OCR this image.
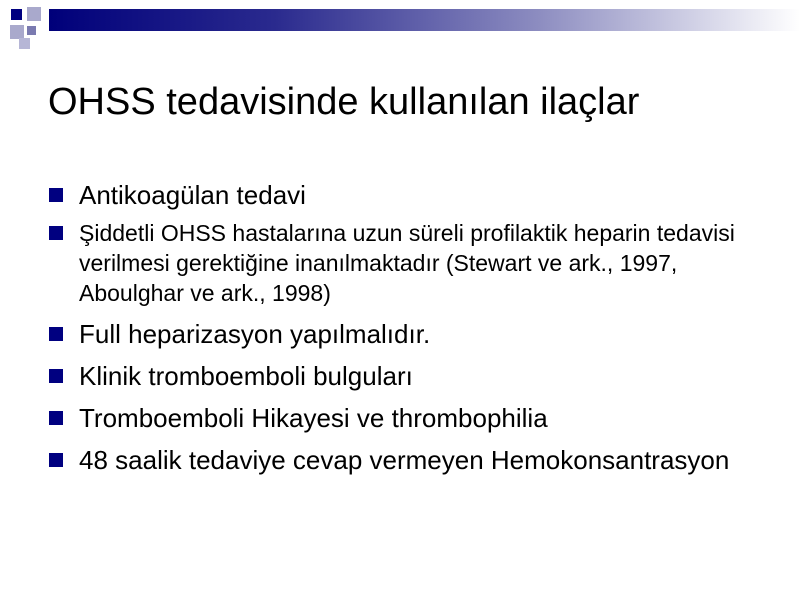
OHSS tedavisinde kullanılan ilaçlar
Antikoagülan tedavi
Şiddetli OHSS hastalarına uzun süreli profilaktik heparin tedavisi verilmesi gerektiğine inanılmaktadır (Stewart ve ark., 1997, Aboulghar ve ark., 1998)
Full heparizasyon yapılmalıdır.
Klinik tromboemboli bulguları
Tromboemboli Hikayesi ve thrombophilia
48 saalik tedaviye cevap vermeyen Hemokonsantrasyon
